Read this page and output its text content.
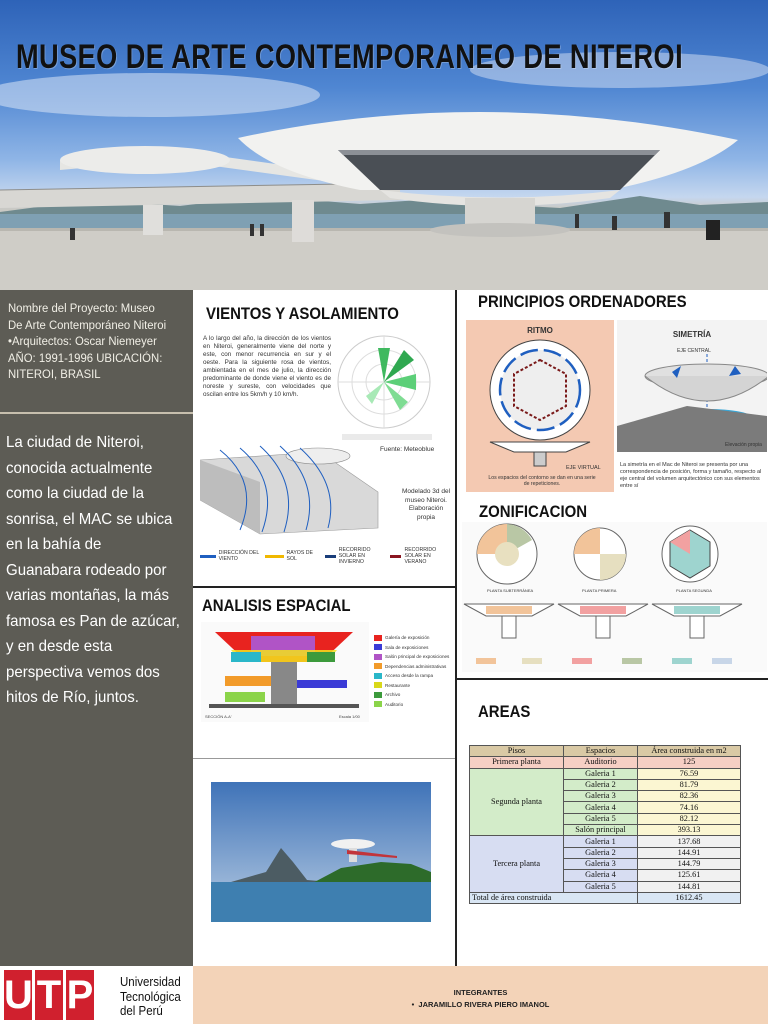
MUSEO DE ARTE CONTEMPORANEO DE NITEROI
Nombre del Proyecto: Museo
De Arte Contemporáneo Niteroi
•Arquitectos: Oscar Niemeyer
AÑO: 1991-1996 UBICACIÓN:
NITEROI, BRASIL
La ciudad de Niteroi, conocida actualmente como la ciudad de la sonrisa, el MAC se ubica en la bahía de Guanabara rodeado por varias montañas, la más famosa es Pan de azúcar, y en desde esta perspectiva vemos dos hitos de Río, juntos.
VIENTOS Y ASOLAMIENTO
A lo largo del año, la dirección de los vientos en Niteroi, generalmente viene del norte y este, con menor recurrencia en sur y el oeste. Para la siguiente rosa de vientos, ambientada en el mes de julio, la dirección predominante de donde viene el viento es de noreste y sureste, con velocidades que oscilan entre los 5km/h y 10 km/h.
Fuente: Meteoblue
Modelado 3d del museo Niteroi. Elaboración propia
DIRECCIÓN DEL VIENTO
RAYOS DE SOL
RECORRIDO SOLAR EN INVIERNO
RECORRIDO SOLAR EN VERANO
ANALISIS ESPACIAL
SECCIÓN A-A'	Escala 1/00
Galería de exposición
Sala de exposiciones
Salón principal de exposiciones
Dependencias administrativas
Acceso desde la rampa
Restaurante
Archivo
Auditorio
PRINCIPIOS ORDENADORES
RITMO
EJE VIRTUAL
Los espacios del contorno se dan en una serie de repeticiones.
SIMETRÍA
EJE CENTRAL
Elevación propia
La simetría en el Mac de Niteroi se presenta por una correspondencia de posición, forma y tamaño, respecto al eje central del volumen arquitectónico con sus elementos entre sí
ZONIFICACION
PLANTA SUBTERRÁNEA	PLANTA PRIMERA	PLANTA SEGUNDA
AREAS
Pisos	Espacios	Área construida en m2
Primera planta	Auditorio	125
Segunda planta	Galeria 1	76.59
	Galeria 2	81.79
	Galeria 3	82.36
	Galeria 4	74.16
	Galeria 5	82.12
	Salón principal	393.13
Tercera planta	Galeria 1	137.68
	Galeria 2	144.91
	Galeria 3	144.79
	Galeria 4	125.61
	Galeria 5	144.81
Total de área construida		1612.45
U T P Universidad
Tecnológica
del Perú
INTEGRANTES
•  JARAMILLO RIVERA PIERO IMANOL
